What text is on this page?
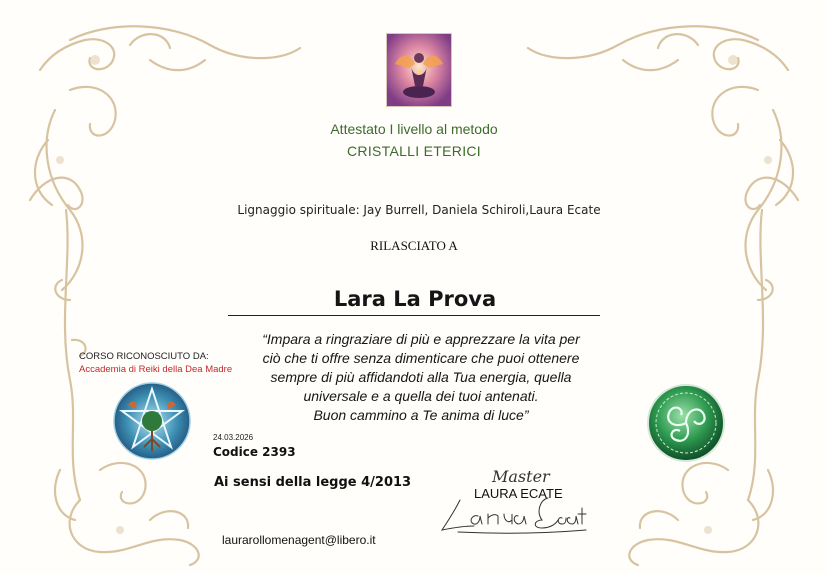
Attestato I livello al metodo
CRISTALLI ETERICI
Lignaggio spirituale: Jay Burrell, Daniela Schiroli,Laura Ecate
RILASCIATO A
Lara La Prova
“Impara a ringraziare di più e apprezzare la vita per
ciò che ti offre senza dimenticare che puoi ottenere
sempre di più affidandoti alla Tua energia, quella
universale e a quella dei tuoi antenati.
Buon cammino a Te anima di luce”
CORSO RICONOSCIUTO DA:
Accademia di Reiki della Dea Madre
24.03.2026
Codice 2393
Ai sensi della legge 4/2013	Master
LAURA ECATE
laurarollomenagent@libero.it
